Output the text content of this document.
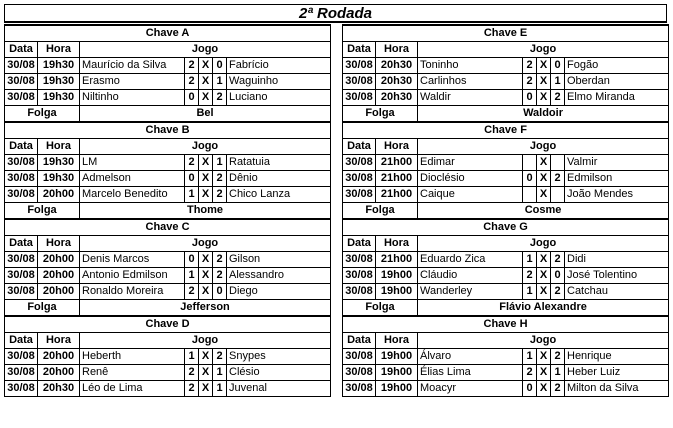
2ª Rodada
Chave A						
Data	Hora	Jogo				
30/08	19h30	Maurício da Silva	2	X	0	Fabrício
30/08	19h30	Erasmo	2	X	1	Waguinho
30/08	19h30	Niltinho	0	X	2	Luciano
Folga		Bel				
Chave B						
Data	Hora	Jogo				
30/08	19h30	LM	2	X	1	Ratatuia
30/08	19h30	Admelson	0	X	2	Dênio
30/08	20h00	Marcelo Benedito	1	X	2	Chico Lanza
Folga		Thome				
Chave C						
Data	Hora	Jogo				
30/08	20h00	Denis Marcos	0	X	2	Gilson
30/08	20h00	Antonio Edmilson	1	X	2	Alessandro
30/08	20h00	Ronaldo Moreira	2	X	0	Diego
Folga		Jefferson				
Chave D						
Data	Hora	Jogo				
30/08	20h00	Heberth	1	X	2	Snypes
30/08	20h00	Renê	2	X	1	Clésio
30/08	20h30	Léo de Lima	2	X	1	Juvenal
Chave E						
Data	Hora	Jogo				
30/08	20h30	Toninho	2	X	0	Fogão
30/08	20h30	Carlinhos	2	X	1	Oberdan
30/08	20h30	Waldir	0	X	2	Elmo Miranda
Folga		Waldoir				
Chave F						
Data	Hora	Jogo				
30/08	21h00	Edimar		X		Valmir
30/08	21h00	Dioclésio	0	X	2	Edmilson
30/08	21h00	Caique		X		João Mendes
Folga		Cosme				
Chave G						
Data	Hora	Jogo				
30/08	21h00	Eduardo Zica	1	X	2	Didi
30/08	19h00	Cláudio	2	X	0	José Tolentino
30/08	19h00	Wanderley	1	X	2	Catchau
Folga		Flávio Alexandre				
Chave H						
Data	Hora	Jogo				
30/08	19h00	Álvaro	1	X	2	Henrique
30/08	19h00	Élias Lima	2	X	1	Heber Luiz
30/08	19h00	Moacyr	0	X	2	Milton da Silva
